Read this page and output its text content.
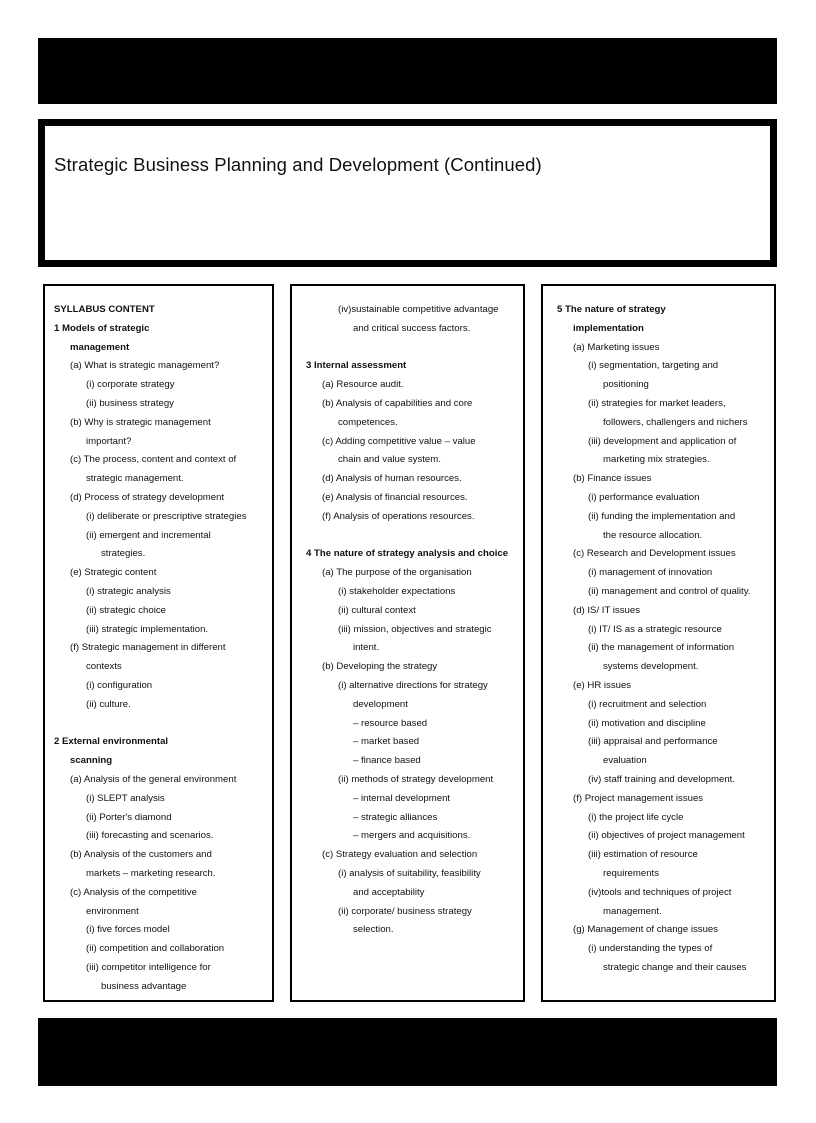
Strategic Business Planning and Development (Continued)
SYLLABUS CONTENT
1 Models of strategic
management
(a) What is strategic management?
(i) corporate strategy
(ii) business strategy
(b) Why is strategic management
important?
(c) The process, content and context of
strategic management.
(d) Process of strategy development
(i) deliberate or prescriptive strategies
(ii) emergent and incremental
strategies.
(e) Strategic content
(i) strategic analysis
(ii) strategic choice
(iii) strategic implementation.
(f) Strategic management in different
contexts
(i) configuration
(ii) culture.
2 External environmental
scanning
(a) Analysis of the general environment
(i) SLEPT analysis
(ii) Porter's diamond
(iii) forecasting and scenarios.
(b) Analysis of the customers and
markets – marketing research.
(c) Analysis of the competitive
environment
(i) five forces model
(ii) competition and collaboration
(iii) competitor intelligence for
business advantage
(iv)sustainable competitive advantage
and critical success factors.
3 Internal assessment
(a) Resource audit.
(b) Analysis of capabilities and core
competences.
(c) Adding competitive value – value
chain and value system.
(d) Analysis of human resources.
(e) Analysis of financial resources.
(f) Analysis of operations resources.
4 The nature of strategy analysis and choice
(a) The purpose of the organisation
(i) stakeholder expectations
(ii) cultural context
(iii) mission, objectives and strategic
intent.
(b) Developing the strategy
(i) alternative directions for strategy
development
– resource based
– market based
– finance based
(ii) methods of strategy development
– internal development
– strategic alliances
– mergers and acquisitions.
(c) Strategy evaluation and selection
(i) analysis of suitability, feasibility
and acceptability
(ii) corporate/ business strategy
selection.
5 The nature of strategy
implementation
(a) Marketing issues
(i) segmentation, targeting and
positioning
(ii) strategies for market leaders,
followers, challengers and nichers
(iii) development and application of
marketing mix strategies.
(b) Finance issues
(i) performance evaluation
(ii) funding the implementation and
the resource allocation.
(c) Research and Development issues
(i) management of innovation
(ii) management and control of quality.
(d) IS/ IT issues
(i) IT/ IS as a strategic resource
(ii) the management of information
systems development.
(e) HR issues
(i) recruitment and selection
(ii) motivation and discipline
(iii) appraisal and performance
evaluation
(iv) staff training and development.
(f) Project management issues
(i) the project life cycle
(ii) objectives of project management
(iii) estimation of resource
requirements
(iv)tools and techniques of project
management.
(g) Management of change issues
(i) understanding the types of
strategic change and their causes
